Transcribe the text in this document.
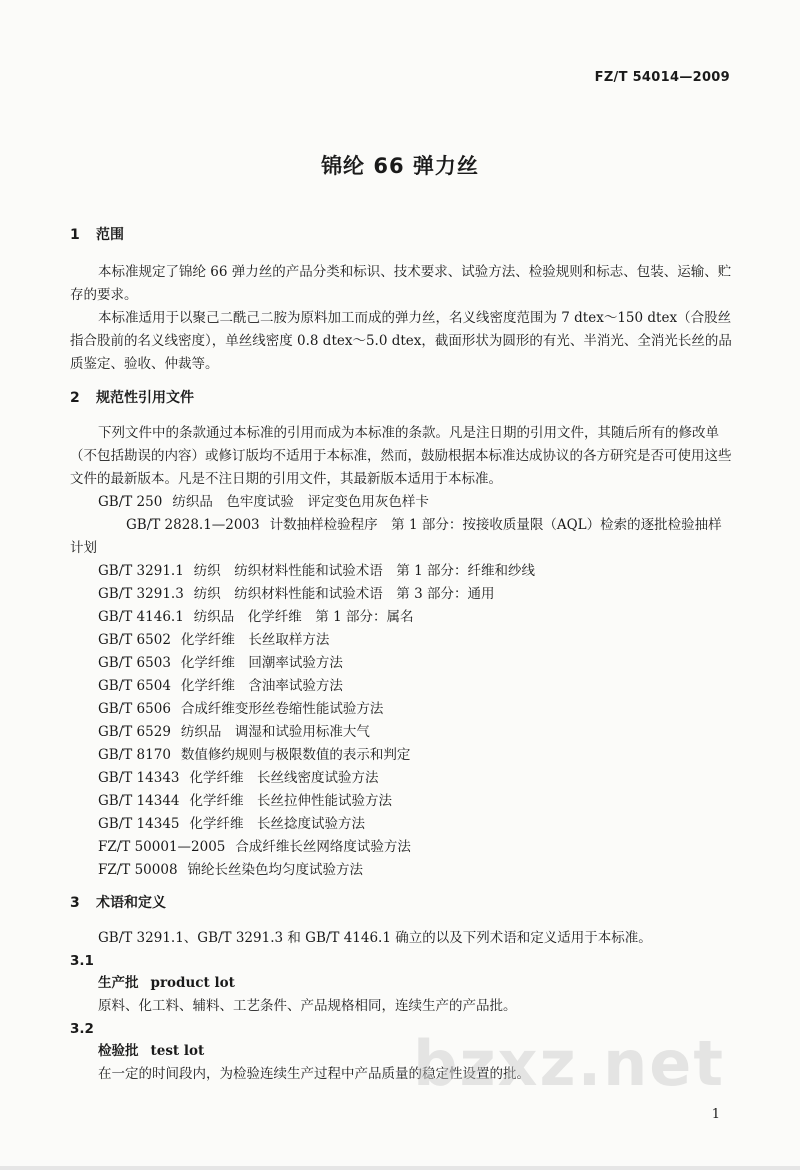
FZ/T 54014—2009
锦纶 66 弹力丝
1 范围

本标准规定了锦纶 66 弹力丝的产品分类和标识、技术要求、试验方法、检验规则和标志、包装、运输、贮存的要求。

本标准适用于以聚己二酰己二胺为原料加工而成的弹力丝，名义线密度范围为 7 dtex～150 dtex（合股丝指合股前的名义线密度），单丝线密度 0.8 dtex～5.0 dtex，截面形状为圆形的有光、半消光、全消光长丝的品质鉴定、验收、仲裁等。

2 规范性引用文件

下列文件中的条款通过本标准的引用而成为本标准的条款。凡是注日期的引用文件，其随后所有的修改单（不包括勘误的内容）或修订版均不适用于本标准，然而，鼓励根据本标准达成协议的各方研究是否可使用这些文件的最新版本。凡是不注日期的引用文件，其最新版本适用于本标准。

GB/T 250 纺织品　色牢度试验　评定变色用灰色样卡
GB/T 2828.1—2003 计数抽样检验程序　第 1 部分：按接收质量限（AQL）检索的逐批检验抽样计划
GB/T 3291.1 纺织　纺织材料性能和试验术语　第 1 部分：纤维和纱线
GB/T 3291.3 纺织　纺织材料性能和试验术语　第 3 部分：通用
GB/T 4146.1 纺织品　化学纤维　第 1 部分：属名
GB/T 6502 化学纤维　长丝取样方法
GB/T 6503 化学纤维　回潮率试验方法
GB/T 6504 化学纤维　含油率试验方法
GB/T 6506 合成纤维变形丝卷缩性能试验方法
GB/T 6529 纺织品　调湿和试验用标准大气
GB/T 8170 数值修约规则与极限数值的表示和判定
GB/T 14343 化学纤维　长丝线密度试验方法
GB/T 14344 化学纤维　长丝拉伸性能试验方法
GB/T 14345 化学纤维　长丝捻度试验方法
FZ/T 50001—2005 合成纤维长丝网络度试验方法
FZ/T 50008 锦纶长丝染色均匀度试验方法
3 术语和定义

GB/T 3291.1、GB/T 3291.3 和 GB/T 4146.1 确立的以及下列术语和定义适用于本标准。

3.1
生产批 product lot
原料、化工料、辅料、工艺条件、产品规格相同，连续生产的产品批。
3.2
检验批 test lot
在一定的时间段内，为检验连续生产过程中产品质量的稳定性设置的批。
bzxz.net
1
